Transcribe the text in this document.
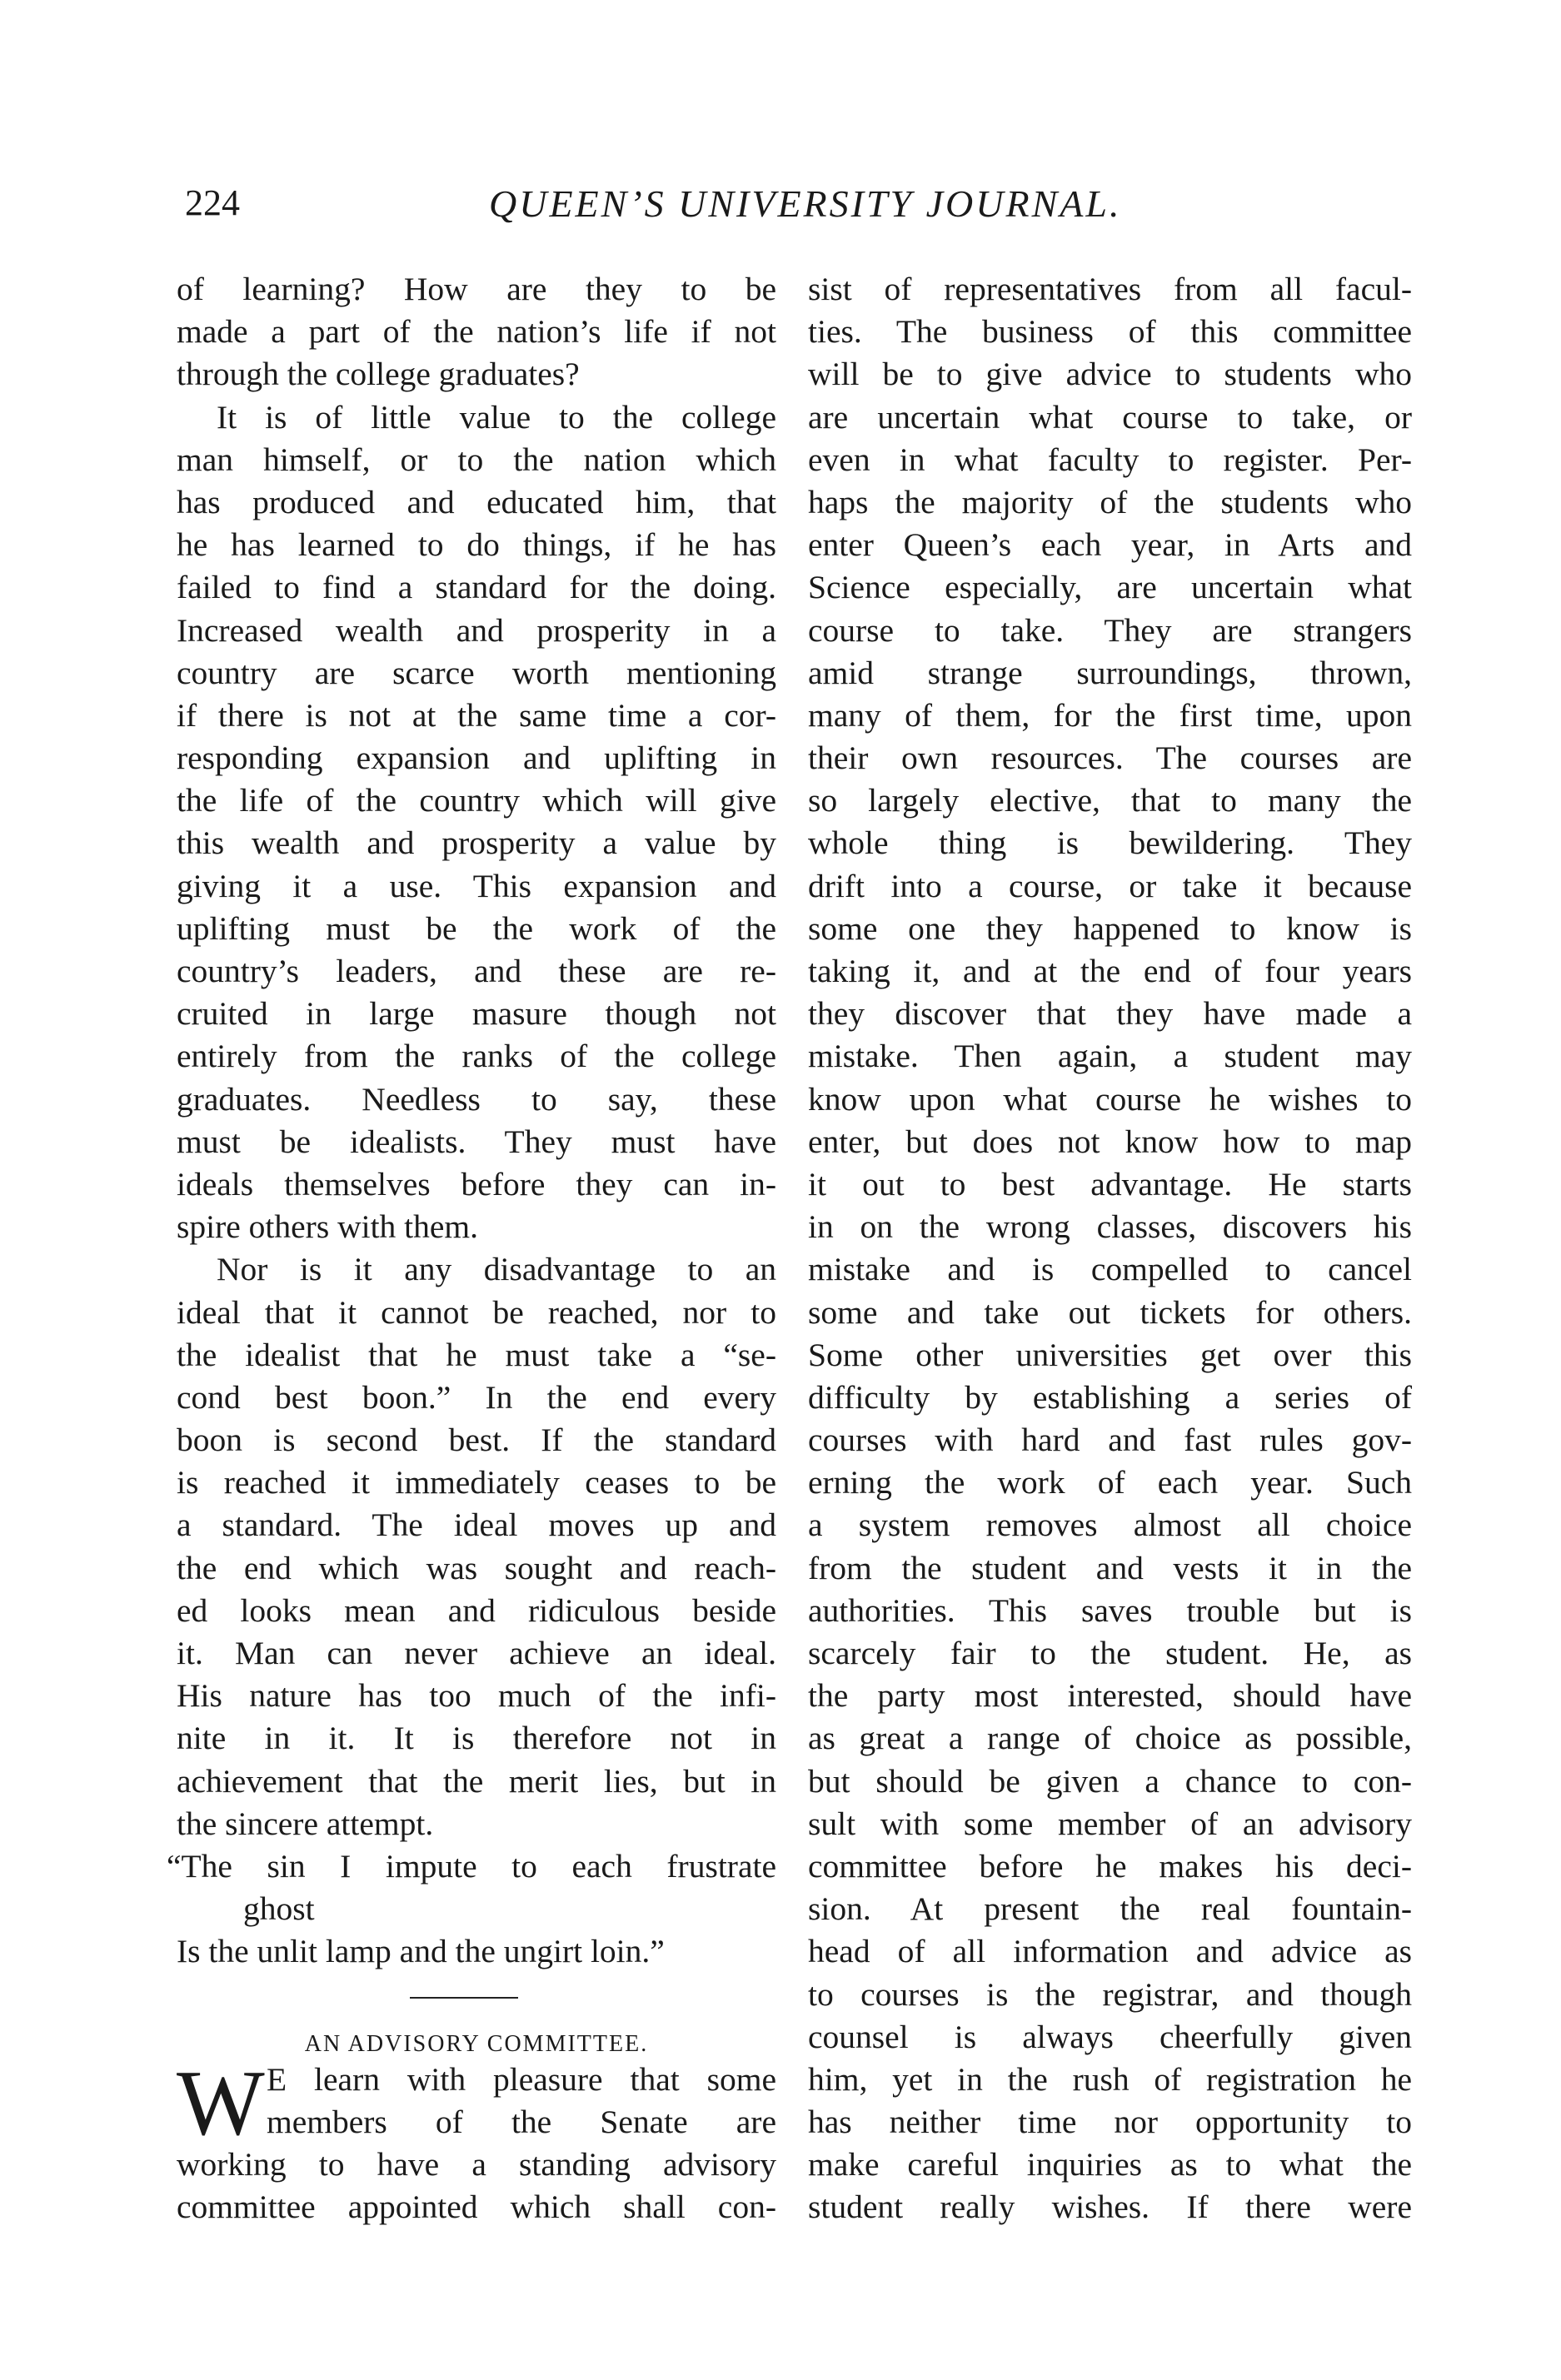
224	QUEEN’S UNIVERSITY JOURNAL.
of learning? How are they to be
made a part of the nation’s life if not
through the college graduates?
It is of little value to the college
man himself, or to the nation which
has produced and educated him, that
he has learned to do things, if he has
failed to find a standard for the doing.
Increased wealth and prosperity in a
country are scarce worth mentioning
if there is not at the same time a cor-
responding expansion and uplifting in
the life of the country which will give
this wealth and prosperity a value by
giving it a use. This expansion and
uplifting must be the work of the
country’s leaders, and these are re-
cruited in large masure though not
entirely from the ranks of the college
graduates. Needless to say, these
must be idealists. They must have
ideals themselves before they can in-
spire others with them.
Nor is it any disadvantage to an
ideal that it cannot be reached, nor to
the idealist that he must take a “se-
cond best boon.” In the end every
boon is second best. If the standard
is reached it immediately ceases to be
a standard. The ideal moves up and
the end which was sought and reach-
ed looks mean and ridiculous beside
it. Man can never achieve an ideal.
His nature has too much of the infi-
nite in it. It is therefore not in
achievement that the merit lies, but in
the sincere attempt.
“The sin I impute to each frustrate
ghost
Is the unlit lamp and the ungirt loin.”
AN ADVISORY COMMITTEE.
W E learn with pleasure that some
members of the Senate are
working to have a standing advisory
committee appointed which shall con-
sist of representatives from all facul-
ties. The business of this committee
will be to give advice to students who
are uncertain what course to take, or
even in what faculty to register. Per-
haps the majority of the students who
enter Queen’s each year, in Arts and
Science especially, are uncertain what
course to take. They are strangers
amid strange surroundings, thrown,
many of them, for the first time, upon
their own resources. The courses are
so largely elective, that to many the
whole thing is bewildering. They
drift into a course, or take it because
some one they happened to know is
taking it, and at the end of four years
they discover that they have made a
mistake. Then again, a student may
know upon what course he wishes to
enter, but does not know how to map
it out to best advantage. He starts
in on the wrong classes, discovers his
mistake and is compelled to cancel
some and take out tickets for others.
Some other universities get over this
difficulty by establishing a series of
courses with hard and fast rules gov-
erning the work of each year. Such
a system removes almost all choice
from the student and vests it in the
authorities. This saves trouble but is
scarcely fair to the student. He, as
the party most interested, should have
as great a range of choice as possible,
but should be given a chance to con-
sult with some member of an advisory
committee before he makes his deci-
sion. At present the real fountain-
head of all information and advice as
to courses is the registrar, and though
counsel is always cheerfully given
him, yet in the rush of registration he
has neither time nor opportunity to
make careful inquiries as to what the
student really wishes. If there were
